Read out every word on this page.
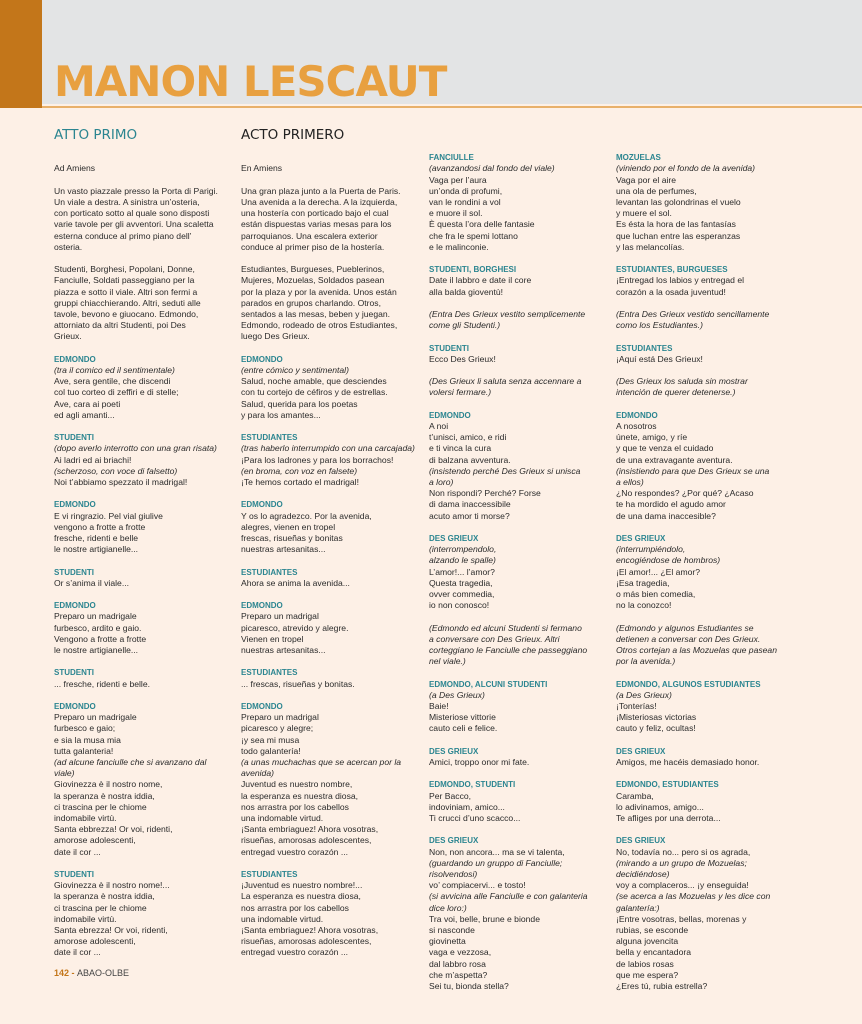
MANON LESCAUT

ATTO PRIMO

Ad Amiens
Un vasto piazzale presso la Porta di Parigi.
Un viale a destra. A sinistra un’osteria,
con porticato sotto al quale sono disposti
varie tavole per gli avventori. Una scaletta
esterna conduce al primo piano dell’
osteria.
Studenti, Borghesi, Popolani, Donne,
Fanciulle, Soldati passeggiano per la
piazza e sotto il viale. Altri son fermi a
gruppi chiacchierando. Altri, seduti alle
tavole, bevono e giuocano. Edmondo,
attorniato da altri Studenti, poi Des
Grieux.
EDMONDO
(tra il comico ed il sentimentale)
Ave, sera gentile, che discendi
col tuo corteo di zeffiri e di stelle;
Ave, cara ai poeti
ed agli amanti...
STUDENTI
(dopo averlo interrotto con una gran risata)
Ai ladri ed ai briachi!
(scherzoso, con voce di falsetto)
Noi t’abbiamo spezzato il madrigal!
EDMONDO
E vi ringrazio. Pel vial giulive
vengono a frotte a frotte
fresche, ridenti e belle
le nostre artigianelle...
STUDENTI
Or s’anima il viale...
EDMONDO
Preparo un madrigale
furbesco, ardito e gaio.
Vengono a frotte a frotte
le nostre artigianelle...
STUDENTI
... fresche, ridenti e belle.
EDMONDO
Preparo un madrigale
furbesco e gaio;
e sia la musa mia
tutta galanteria!
(ad alcune fanciulle che si avanzano dal
viale)
Giovinezza è il nostro nome,
la speranza è nostra iddia,
ci trascina per le chiome
indomabile virtù.
Santa ebbrezza! Or voi, ridenti,
amorose adolescenti,
date il cor ...
STUDENTI
Giovinezza è il nostro nome!...
la speranza è nostra iddia,
ci trascina per le chiome
indomabile virtù.
Santa ebrezza! Or voi, ridenti,
amorose adolescenti,
date il cor ...

ACTO PRIMERO

En Amiens
Una gran plaza junto a la Puerta de Paris.
Una avenida a la derecha. A la izquierda,
una hostería con porticado bajo el cual
están dispuestas varias mesas para los
parroquianos. Una escalera exterior
conduce al primer piso de la hostería.
Estudiantes, Burgueses, Pueblerinos,
Mujeres, Mozuelas, Soldados pasean
por la plaza y por la avenida. Unos están
parados en grupos charlando. Otros,
sentados a las mesas, beben y juegan.
Edmondo, rodeado de otros Estudiantes,
luego Des Grieux.
EDMONDO
(entre cómico y sentimental)
Salud, noche amable, que desciendes
con tu cortejo de céfiros y de estrellas.
Salud, querida para los poetas
y para los amantes...
ESTUDIANTES
(tras haberlo interrumpido con una carcajada)
¡Para los ladrones y para los borrachos!
(en broma, con voz en falsete)
¡Te hemos cortado el madrigal!
EDMONDO
Y os lo agradezco. Por la avenida,
alegres, vienen en tropel
frescas, risueñas y bonitas
nuestras artesanitas...
ESTUDIANTES
Ahora se anima la avenida...
EDMONDO
Preparo un madrigal
picaresco, atrevido y alegre.
Vienen en tropel
nuestras artesanitas...
ESTUDIANTES
... frescas, risueñas y bonitas.
EDMONDO
Preparo un madrigal
picaresco y alegre;
¡y sea mi musa
todo galantería!
(a unas muchachas que se acercan por la
avenida)
Juventud es nuestro nombre,
la esperanza es nuestra diosa,
nos arrastra por los cabellos
una indomable virtud.
¡Santa embriaguez! Ahora vosotras,
risueñas, amorosas adolescentes,
entregad vuestro corazón ...
ESTUDIANTES
¡Juventud es nuestro nombre!...
La esperanza es nuestra diosa,
nos arrastra por los cabellos
una indomable virtud.
¡Santa embriaguez! Ahora vosotras,
risueñas, amorosas adolescentes,
entregad vuestro corazón ...

FANCIULLE
(avanzandosi dal fondo del viale)
Vaga per l’aura
un’onda di profumi,
van le rondini a vol
e muore il sol.
È questa l’ora delle fantasie
che fra le spemi lottano
e le malinconie.
STUDENTI, BORGHESI
Date il labbro e date il core
alla balda gioventù!
(Entra Des Grieux vestito semplicemente
come gli Studenti.)
STUDENTI
Ecco Des Grieux!
(Des Grieux li saluta senza accennare a
volersi fermare.)
EDMONDO
A noi
t’unisci, amico, e ridi
e ti vinca la cura
di balzana avventura.
(insistendo perché Des Grieux si unisca
a loro)
Non rispondi? Perché? Forse
di dama inaccessibile
acuto amor ti morse?
DES GRIEUX
(interrompendolo,
alzando le spalle)
L’amor!... l’amor?
Questa tragedia,
ovver commedia,
io non conosco!
(Edmondo ed alcuni Studenti si fermano
a conversare con Des Grieux. Altri
corteggiano le Fanciulle che passeggiano
nel viale.)
EDMONDO, ALCUNI STUDENTI
(a Des Grieux)
Baie!
Misteriose vittorie
cauto celi e felice.
DES GRIEUX
Amici, troppo onor mi fate.
EDMONDO, STUDENTI
Per Bacco,
indoviniam, amico...
Ti crucci d’uno scacco...
DES GRIEUX
Non, non ancora... ma se vi talenta,
(guardando un gruppo di Fanciulle;
risolvendosi)
vo’ compiacervi... e tosto!
(si avvicina alle Fanciulle e con galanteria
dice loro:)
Tra voi, belle, brune e bionde
si nasconde
giovinetta
vaga e vezzosa,
dal labbro rosa
che m’aspetta?
Sei tu, bionda stella?

MOZUELAS
(viniendo por el fondo de la avenida)
Vaga por el aire
una ola de perfumes,
levantan las golondrinas el vuelo
y muere el sol.
Es ésta la hora de las fantasías
que luchan entre las esperanzas
y las melancolías.
ESTUDIANTES, BURGUESES
¡Entregad los labios y entregad el
corazón a la osada juventud!
(Entra Des Grieux vestido sencillamente
como los Estudiantes.)
ESTUDIANTES
¡Aquí está Des Grieux!
(Des Grieux los saluda sin mostrar
intención de querer detenerse.)
EDMONDO
A nosotros
únete, amigo, y ríe
y que te venza el cuidado
de una extravagante aventura.
(insistiendo para que Des Grieux se una
a ellos)
¿No respondes? ¿Por qué? ¿Acaso
te ha mordido el agudo amor
de una dama inaccesible?
DES GRIEUX
(interrumpiéndolo,
encogiéndose de hombros)
¡El amor!... ¿El amor?
¡Esa tragedia,
o más bien comedia,
no la conozco!
(Edmondo y algunos Estudiantes se
detienen a conversar con Des Grieux.
Otros cortejan a las Mozuelas que pasean
por la avenida.)
EDMONDO, ALGUNOS ESTUDIANTES
(a Des Grieux)
¡Tonterías!
¡Misteriosas victorias
cauto y feliz, ocultas!
DES GRIEUX
Amigos, me hacéis demasiado honor.
EDMONDO, ESTUDIANTES
Caramba,
lo adivinamos, amigo...
Te afliges por una derrota...
DES GRIEUX
No, todavía no... pero si os agrada,
(mirando a un grupo de Mozuelas;
decidiéndose)
voy a complaceros... ¡y enseguida!
(se acerca a las Mozuelas y les dice con
galantería:)
¡Entre vosotras, bellas, morenas y
rubias, se esconde
alguna jovencita
bella y encantadora
de labios rosas
que me espera?
¿Eres tú, rubia estrella?

142 - ABAO-OLBE
